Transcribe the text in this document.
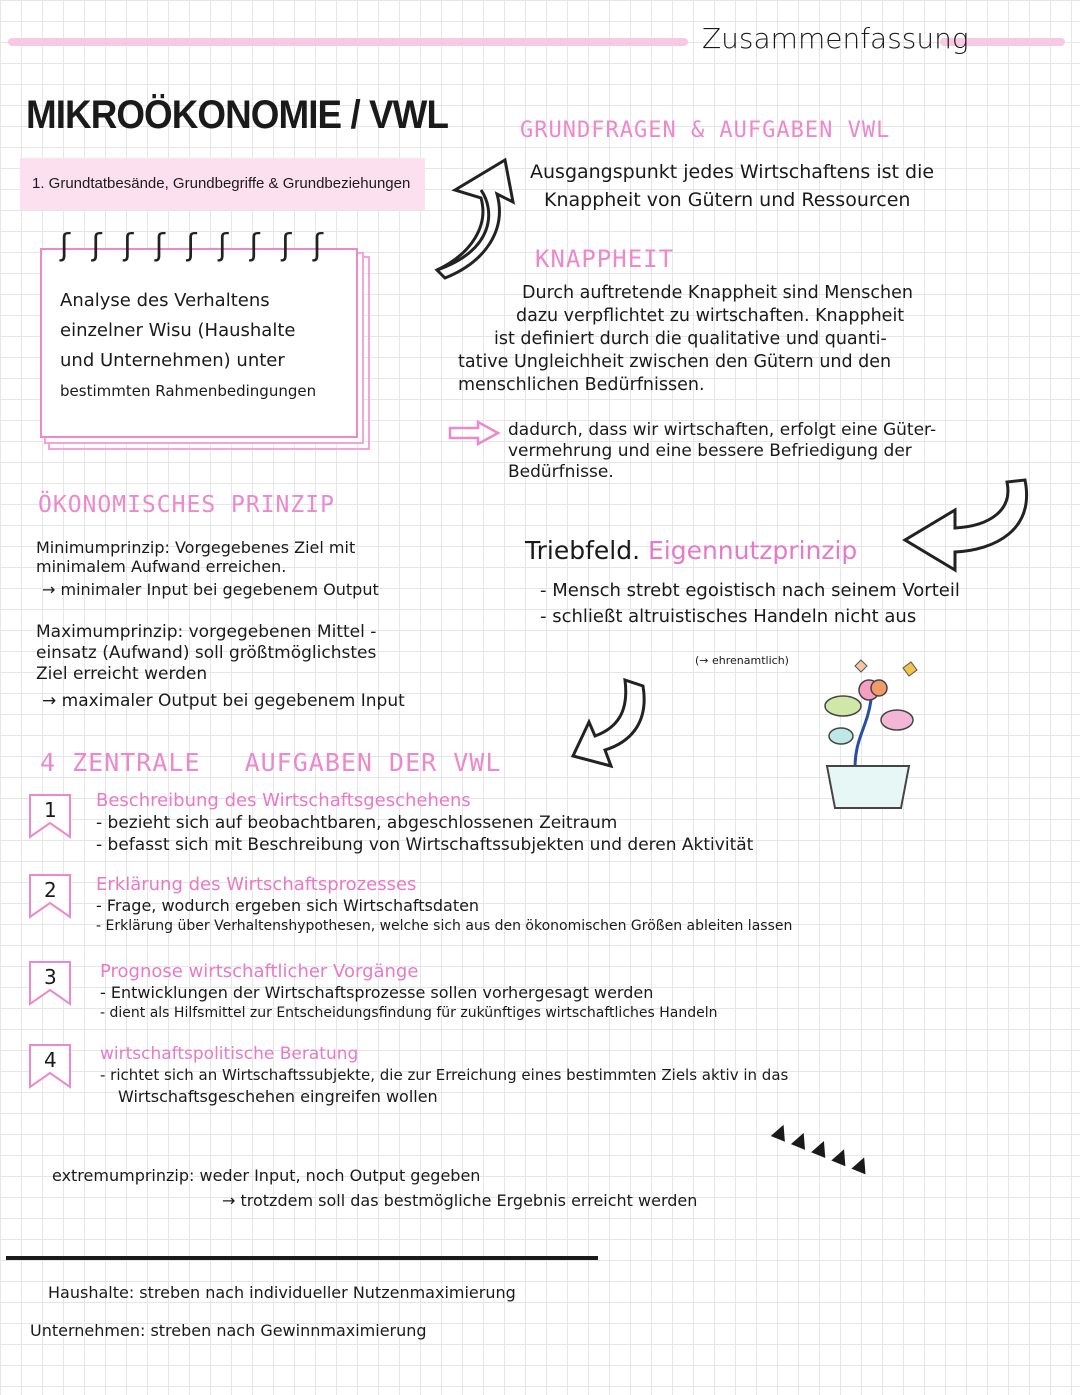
Zusammenfassung
MIKROÖKONOMIE / VWL
1. Grundtatbesände, Grundbegriffe & Grundbeziehungen
ʃ ʃ ʃ ʃ ʃ ʃ ʃ ʃ ʃ

Analyse des Verhaltens

einzelner Wisu (Haushalte

und Unternehmen) unter

bestimmten Rahmenbedingungen

GRUNDFRAGEN & AUFGABEN VWL

Ausgangspunkt jedes Wirtschaftens ist die

Knappheit von Gütern und Ressourcen

KNAPPHEIT

Durch auftretende Knappheit sind Menschen

dazu verpflichtet zu wirtschaften. Knappheit

ist definiert durch die qualitative und quanti-

tative Ungleichheit zwischen den Gütern und den

menschlichen Bedürfnissen.

dadurch, dass wir wirtschaften, erfolgt eine Güter-

vermehrung und eine bessere Befriedigung der

Bedürfnisse.

ÖKONOMISCHES PRINZIP

Minimumprinzip: Vorgegebenes Ziel mit

minimalem Aufwand erreichen.

→ minimaler Input bei gegebenem Output

Maximumprinzip: vorgegebenen Mittel -

einsatz (Aufwand) soll größtmöglichstes

Ziel erreicht werden

→ maximaler Output bei gegebenem Input

Triebfeld. Eigennutzprinzip

- Mensch strebt egoistisch nach seinem Vorteil

- schließt altruistisches Handeln nicht aus

(→ ehrenamtlich)
4 ZENTRALE AUFGABEN DER VWL
1 Beschreibung des Wirtschaftsgeschehens

- bezieht sich auf beobachtbaren, abgeschlossenen Zeitraum

- befasst sich mit Beschreibung von Wirtschaftssubjekten und deren Aktivität

2 Erklärung des Wirtschaftsprozesses

- Frage, wodurch ergeben sich Wirtschaftsdaten

- Erklärung über Verhaltenshypothesen, welche sich aus den ökonomischen Größen ableiten lassen

3 Prognose wirtschaftlicher Vorgänge

- Entwicklungen der Wirtschaftsprozesse sollen vorhergesagt werden

- dient als Hilfsmittel zur Entscheidungsfindung für zukünftiges wirtschaftliches Handeln

4	wirtschaftspolitische Beratung

- richtet sich an Wirtschaftssubjekte, die zur Erreichung eines bestimmten Ziels aktiv in das

Wirtschaftsgeschehen eingreifen wollen

▲ ▲ ▲ ▲ ▲

extremumprinzip: weder Input, noch Output gegeben

→ trotzdem soll das bestmögliche Ergebnis erreicht werden

Haushalte: streben nach individueller Nutzenmaximierung
Unternehmen: streben nach Gewinnmaximierung
